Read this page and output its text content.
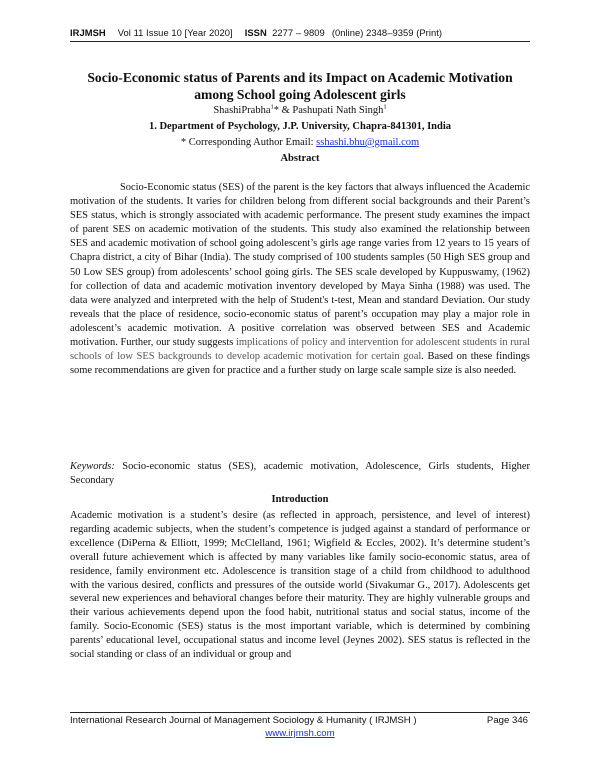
IRJMSH Vol 11 Issue 10 [Year 2020] ISSN 2277 – 9809 (0nline) 2348–9359 (Print)
Socio-Economic status of Parents and its Impact on Academic Motivation
among School going Adolescent girls
ShashiPrabha$^1$* & Pashupati Nath Singh$^1$
1. Department of Psychology, J.P. University, Chapra-841301, India
* Corresponding Author Email: sshashi.bhu@gmail.com
Abstract
Socio-Economic status (SES) of the parent is the key factors that always influenced the Academic motivation of the students. It varies for children belong from different social backgrounds and their Parent’s SES status, which is strongly associated with academic performance. The present study examines the impact of parent SES on academic motivation of the students. This study also examined the relationship between SES and academic motivation of school going adolescent’s girls age range varies from 12 years to 15 years of Chapra district, a city of Bihar (India). The study comprised of 100 students samples (50 High SES group and 50 Low SES group) from adolescents’ school going girls. The SES scale developed by Kuppuswamy, (1962) for collection of data and academic motivation inventory developed by Maya Sinha (1988) was used. The data were analyzed and interpreted with the help of Student's t-test, Mean and standard Deviation. Our study reveals that the place of residence, socio-economic status of parent’s occupation may play a major role in adolescent’s academic motivation. A positive correlation was observed between SES and Academic motivation. Further, our study suggests implications of policy and intervention for adolescent students in rural schools of low SES backgrounds to develop academic motivation for certain goal. Based on these findings some recommendations are given for practice and a further study on large scale sample size is also needed.
Keywords: Socio-economic status (SES), academic motivation, Adolescence, Girls students, Higher Secondary
Introduction
Academic motivation is a student’s desire (as reflected in approach, persistence, and level of interest) regarding academic subjects, when the student’s competence is judged against a standard of performance or excellence (DiPerna & Elliott, 1999; McClelland, 1961; Wigfield & Eccles, 2002). It’s determine student’s overall future achievement which is affected by many variables like family socio-economic status, area of residence, family environment etc. Adolescence is transition stage of a child from childhood to adulthood with the various desired, conflicts and pressures of the outside world (Sivakumar G., 2017). Adolescents get several new experiences and behavioral changes before their maturity. They are highly vulnerable groups and their various achievements depend upon the food habit, nutritional status and social status, income of the family. Socio-Economic (SES) status is the most important variable, which is determined by combining parents’ educational level, occupational status and income level (Jeynes 2002). SES status is reflected in the social standing or class of an individual or group and
International Research Journal of Management Sociology & Humanity ( IRJMSH )	Page 346
www.irjmsh.com
